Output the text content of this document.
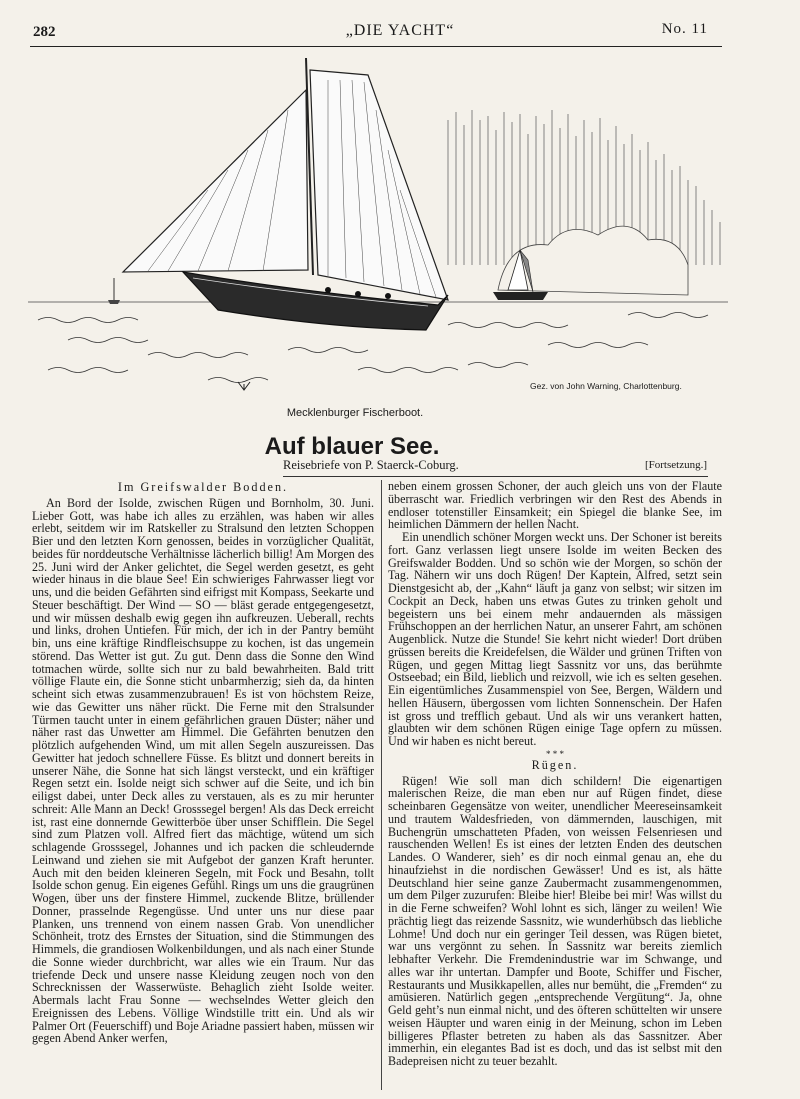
282	„DIE YACHT“	No. 11
Gez. von John Warning, Charlottenburg.
Mecklenburger Fischerboot.
Auf blauer See.
Reisebriefe von P. Staerck-Coburg.	[Fortsetzung.]
Im Greifswalder Bodden.

An Bord der Isolde, zwischen Rügen und Bornholm, 30. Juni. Lieber Gott, was habe ich alles zu erzählen, was haben wir alles erlebt, seitdem wir im Ratskeller zu Stralsund den letzten Schoppen Bier und den letzten Korn genossen, beides in vorzüglicher Qualität, beides für norddeutsche Verhältnisse lächerlich billig! Am Morgen des 25. Juni wird der Anker gelichtet, die Segel werden gesetzt, es geht wieder hinaus in die blaue See! Ein schwieriges Fahrwasser liegt vor uns, und die beiden Gefährten sind eifrigst mit Kompass, Seekarte und Steuer beschäftigt. Der Wind — SO — bläst gerade entgegengesetzt, und wir müssen deshalb ewig gegen ihn aufkreuzen. Ueberall, rechts und links, drohen Untiefen. Für mich, der ich in der Pantry bemüht bin, uns eine kräftige Rindfleischsuppe zu kochen, ist das ungemein störend. Das Wetter ist gut. Zu gut. Denn dass die Sonne den Wind totmachen würde, sollte sich nur zu bald bewahrheiten. Bald tritt völlige Flaute ein, die Sonne sticht unbarmherzig; sieh da, da hinten scheint sich etwas zusammenzubrauen! Es ist von höchstem Reize, wie das Gewitter uns näher rückt. Die Ferne mit den Stralsunder Türmen taucht unter in einem gefährlichen grauen Düster; näher und näher rast das Unwetter am Himmel. Die Gefährten benutzen den plötzlich aufgehenden Wind, um mit allen Segeln auszureissen. Das Gewitter hat jedoch schnellere Füsse. Es blitzt und donnert bereits in unserer Nähe, die Sonne hat sich längst versteckt, und ein kräftiger Regen setzt ein. Isolde neigt sich schwer auf die Seite, und ich bin eiligst dabei, unter Deck alles zu verstauen, als es zu mir herunter schreit: Alle Mann an Deck! Grosssegel bergen! Als das Deck erreicht ist, rast eine donnernde Gewitterböe über unser Schifflein. Die Segel sind zum Platzen voll. Alfred fiert das mächtige, wütend um sich schlagende Grosssegel, Johannes und ich packen die schleudernde Leinwand und ziehen sie mit Aufgebot der ganzen Kraft herunter. Auch mit den beiden kleineren Segeln, mit Fock und Besahn, tollt Isolde schon genug. Ein eigenes Gefühl. Rings um uns die graugrünen Wogen, über uns der finstere Himmel, zuckende Blitze, brüllender Donner, prasselnde Regengüsse. Und unter uns nur diese paar Planken, uns trennend von einem nassen Grab. Von unendlicher Schönheit, trotz des Ernstes der Situation, sind die Stimmungen des Himmels, die grandiosen Wolkenbildungen, und als nach einer Stunde die Sonne wieder durchbricht, war alles wie ein Traum. Nur das triefende Deck und unsere nasse Kleidung zeugen noch von den Schrecknissen der Wasserwüste. Behaglich zieht Isolde weiter. Abermals lacht Frau Sonne — wechselndes Wetter gleich den Ereignissen des Lebens. Völlige Windstille tritt ein. Und als wir Palmer Ort (Feuerschiff) und Boje Ariadne passiert haben, müssen wir gegen Abend Anker werfen,

neben einem grossen Schoner, der auch gleich uns von der Flaute überrascht war. Friedlich verbringen wir den Rest des Abends in endloser totenstiller Einsamkeit; ein Spiegel die blanke See, im heimlichen Dämmern der hellen Nacht.

Ein unendlich schöner Morgen weckt uns. Der Schoner ist bereits fort. Ganz verlassen liegt unsere Isolde im weiten Becken des Greifswalder Bodden. Und so schön wie der Morgen, so schön der Tag. Nähern wir uns doch Rügen! Der Kaptein, Alfred, setzt sein Dienstgesicht ab, der „Kahn“ läuft ja ganz von selbst; wir sitzen im Cockpit an Deck, haben uns etwas Gutes zu trinken geholt und begeistern uns bei einem mehr andauernden als mässigen Frühschoppen an der herrlichen Natur, an unserer Fahrt, am schönen Augenblick. Nutze die Stunde! Sie kehrt nicht wieder! Dort drüben grüssen bereits die Kreidefelsen, die Wälder und grünen Triften von Rügen, und gegen Mittag liegt Sassnitz vor uns, das berühmte Ostseebad; ein Bild, lieblich und reizvoll, wie ich es selten gesehen. Ein eigentümliches Zusammenspiel von See, Bergen, Wäldern und hellen Häusern, übergossen vom lichten Sonnenschein. Der Hafen ist gross und trefflich gebaut. Und als wir uns verankert hatten, glaubten wir dem schönen Rügen einige Tage opfern zu müssen. Und wir haben es nicht bereut.

* * *
Rügen.

Rügen! Wie soll man dich schildern! Die eigenartigen malerischen Reize, die man eben nur auf Rügen findet, diese scheinbaren Gegensätze von weiter, unendlicher Meereseinsamkeit und trautem Waldesfrieden, von dämmernden, lauschigen, mit Buchengrün umschatteten Pfaden, von weissen Felsenriesen und rauschenden Wellen! Es ist eines der letzten Enden des deutschen Landes. O Wanderer, sieh’ es dir noch einmal genau an, ehe du hinaufziehst in die nordischen Gewässer! Und es ist, als hätte Deutschland hier seine ganze Zaubermacht zusammengenommen, um dem Pilger zuzurufen: Bleibe hier! Bleibe bei mir! Was willst du in die Ferne schweifen? Wohl lohnt es sich, länger zu weilen! Wie prächtig liegt das reizende Sassnitz, wie wunderhübsch das liebliche Lohme! Und doch nur ein geringer Teil dessen, was Rügen bietet, war uns vergönnt zu sehen. In Sassnitz war bereits ziemlich lebhafter Verkehr. Die Fremdenindustrie war im Schwange, und alles war ihr untertan. Dampfer und Boote, Schiffer und Fischer, Restaurants und Musikkapellen, alles nur bemüht, die „Fremden“ zu amüsieren. Natürlich gegen „entsprechende Vergütung“. Ja, ohne Geld geht’s nun einmal nicht, und des öfteren schüttelten wir unsere weisen Häupter und waren einig in der Meinung, schon im Leben billigeres Pflaster betreten zu haben als das Sassnitzer. Aber immerhin, ein elegantes Bad ist es doch, und das ist selbst mit den Badepreisen nicht zu teuer bezahlt.
